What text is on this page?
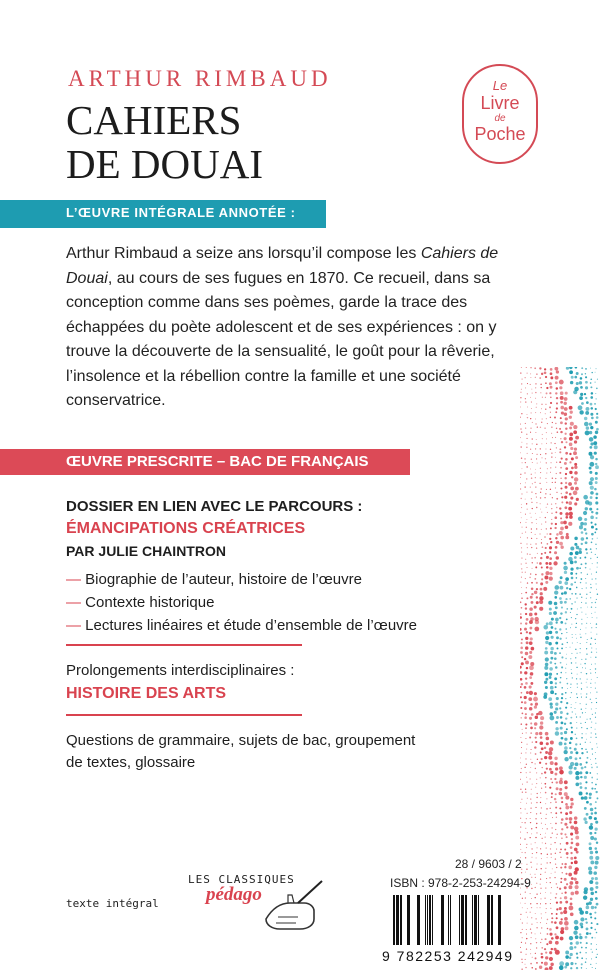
ARTHUR RIMBAUD
CAHIERS
DE DOUAI
Le
Livre
de
Poche
L’ŒUVRE INTÉGRALE ANNOTÉE :
Arthur Rimbaud a seize ans lorsqu’il compose les Cahiers de Douai, au cours de ses fugues en 1870. Ce recueil, dans sa conception comme dans ses poèmes, garde la trace des échappées du poète adolescent et de ses expériences : on y trouve la découverte de la sensualité, le goût pour la rêverie, l’insolence et la rébellion contre la famille et une société conservatrice.
ŒUVRE PRESCRITE – BAC DE FRANÇAIS
DOSSIER EN LIEN AVEC LE PARCOURS :
ÉMANCIPATIONS CRÉATRICES
PAR JULIE CHAINTRON
— Biographie de l’auteur, histoire de l’œuvre
— Contexte historique
— Lectures linéaires et étude d’ensemble de l’œuvre
Prolongements interdisciplinaires :
HISTOIRE DES ARTS
Questions de grammaire, sujets de bac, groupement
de textes, glossaire
texte intégral
LES CLASSIQUES
pédago
28 / 9603 / 2
ISBN : 978-2-253-24294-9
9 782253 242949
